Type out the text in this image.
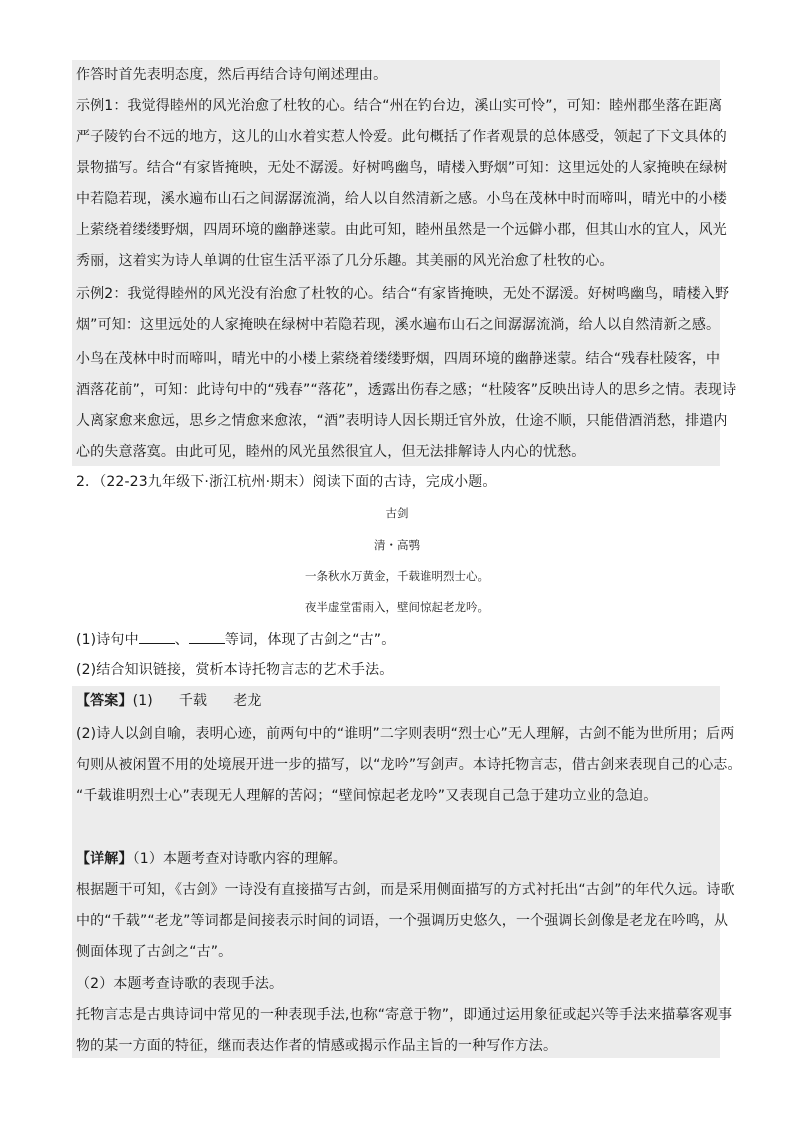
作答时首先表明态度，然后再结合诗句阐述理由。
示例1：我觉得睦州的风光治愈了杜牧的心。结合“州在钓台边，溪山实可怜”，可知：睦州郡坐落在距离
严子陵钓台不远的地方，这儿的山水着实惹人怜爱。此句概括了作者观景的总体感受，领起了下文具体的
景物描写。结合“有家皆掩映，无处不潺湲。好树鸣幽鸟，晴楼入野烟”可知：这里远处的人家掩映在绿树
中若隐若现，溪水遍布山石之间潺潺流淌，给人以自然清新之感。小鸟在茂林中时而啼叫，晴光中的小楼
上萦绕着缕缕野烟，四周环境的幽静迷蒙。由此可知，睦州虽然是一个远僻小郡，但其山水的宜人，风光
秀丽，这着实为诗人单调的仕宦生活平添了几分乐趣。其美丽的风光治愈了杜牧的心。
示例2：我觉得睦州的风光没有治愈了杜牧的心。结合“有家皆掩映，无处不潺湲。好树鸣幽鸟，晴楼入野
烟”可知：这里远处的人家掩映在绿树中若隐若现，溪水遍布山石之间潺潺流淌，给人以自然清新之感。
小鸟在茂林中时而啼叫，晴光中的小楼上萦绕着缕缕野烟，四周环境的幽静迷蒙。结合“残春杜陵客，中
酒落花前”，可知：此诗句中的“残春”“落花”，透露出伤春之感；“杜陵客”反映出诗人的思乡之情。表现诗
人离家愈来愈远，思乡之情愈来愈浓，“酒”表明诗人因长期迁官外放，仕途不顺，只能借酒消愁，排遣内
心的失意落寞。由此可见，睦州的风光虽然很宜人，但无法排解诗人内心的忧愁。
2．（22-23九年级下·浙江杭州·期末）阅读下面的古诗，完成小题。
古剑
清・高鹗
一条秋水万黄金，千载谁明烈士心。
夜半虚堂雷雨入，壁间惊起老龙吟。
(1)诗句中	、	等词，体现了古剑之“古”。
(2)结合知识链接，赏析本诗托物言志的艺术手法。
【答案】(1) 千载 老龙
(2)诗人以剑自喻，表明心迹，前两句中的“谁明”二字则表明“烈士心”无人理解，古剑不能为世所用；后两
句则从被闲置不用的处境展开进一步的描写，以“龙吟”写剑声。本诗托物言志，借古剑来表现自己的心志。
“千载谁明烈士心”表现无人理解的苦闷；“壁间惊起老龙吟”又表现自己急于建功立业的急迫。
【详解】（1）本题考查对诗歌内容的理解。
根据题干可知，《古剑》一诗没有直接描写古剑，而是采用侧面描写的方式衬托出“古剑”的年代久远。诗歌
中的“千载”“老龙”等词都是间接表示时间的词语，一个强调历史悠久，一个强调长剑像是老龙在吟鸣，从
侧面体现了古剑之“古”。
（2）本题考查诗歌的表现手法。
托物言志是古典诗词中常见的一种表现手法,也称“寄意于物”，即通过运用象征或起兴等手法来描摹客观事
物的某一方面的特征，继而表达作者的情感或揭示作品主旨的一种写作方法。
